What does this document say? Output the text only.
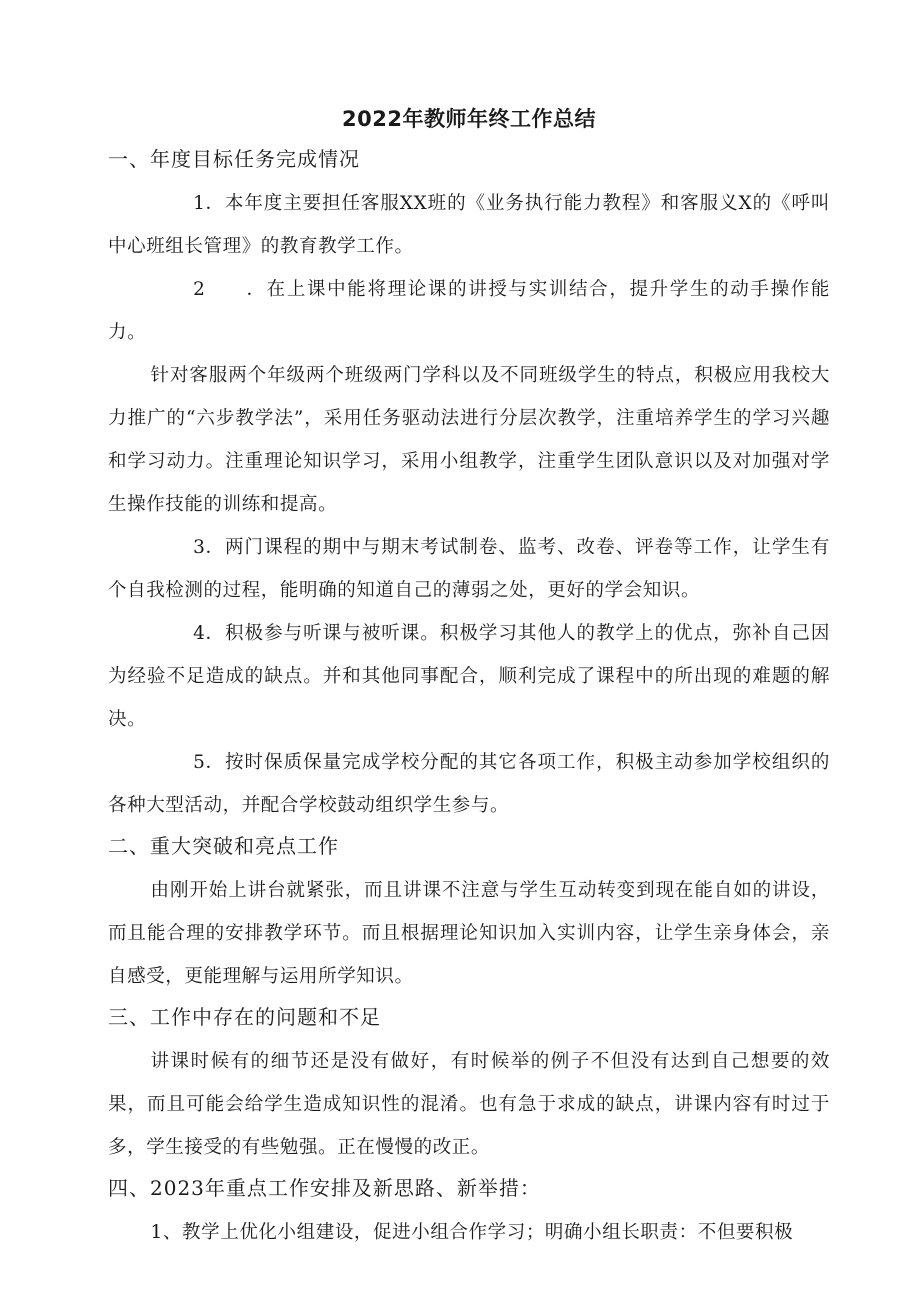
2022年教师年终工作总结
一、年度目标任务完成情况

1．本年度主要担任客服XX班的《业务执行能力教程》和客服义X的《呼叫中心班组长管理》的教育教学工作。

2 ．在上课中能将理论课的讲授与实训结合，提升学生的动手操作能力。

针对客服两个年级两个班级两门学科以及不同班级学生的特点，积极应用我校大力推广的“六步教学法”，采用任务驱动法进行分层次教学，注重培养学生的学习兴趣和学习动力。注重理论知识学习，采用小组教学，注重学生团队意识以及对加强对学生操作技能的训练和提高。

3．两门课程的期中与期末考试制卷、监考、改卷、评卷等工作，让学生有个自我检测的过程，能明确的知道自己的薄弱之处，更好的学会知识。

4．积极参与听课与被听课。积极学习其他人的教学上的优点，弥补自己因为经验不足造成的缺点。并和其他同事配合，顺利完成了课程中的所出现的难题的解决。

5．按时保质保量完成学校分配的其它各项工作，积极主动参加学校组织的各种大型活动，并配合学校鼓动组织学生参与。

二、重大突破和亮点工作

由刚开始上讲台就紧张，而且讲课不注意与学生互动转变到现在能自如的讲设，而且能合理的安排教学环节。而且根据理论知识加入实训内容，让学生亲身体会，亲自感受，更能理解与运用所学知识。

三、工作中存在的问题和不足

讲课时候有的细节还是没有做好，有时候举的例子不但没有达到自己想要的效果，而且可能会给学生造成知识性的混淆。也有急于求成的缺点，讲课内容有时过于多，学生接受的有些勉强。正在慢慢的改正。

四、2023年重点工作安排及新思路、新举措：

1、教学上优化小组建设，促进小组合作学习；明确小组长职责：不但要积极
